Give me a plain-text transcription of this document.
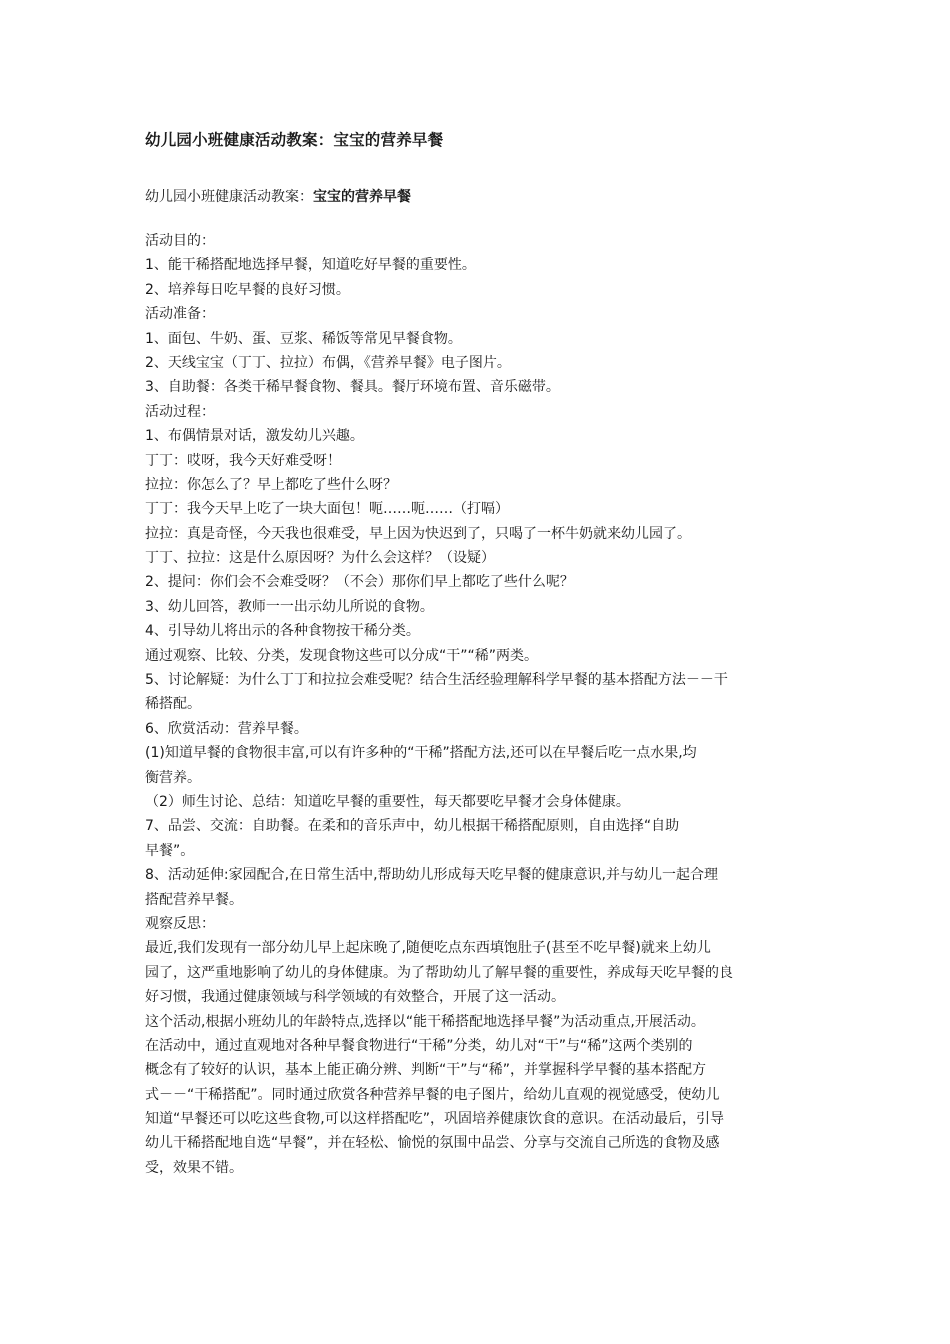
幼儿园小班健康活动教案：宝宝的营养早餐
幼儿园小班健康活动教案：宝宝的营养早餐
活动目的：
1、能干稀搭配地选择早餐，知道吃好早餐的重要性。
2、培养每日吃早餐的良好习惯。
活动准备：
1、面包、牛奶、蛋、豆浆、稀饭等常见早餐食物。
2、天线宝宝（丁丁、拉拉）布偶，《营养早餐》电子图片。
3、自助餐：各类干稀早餐食物、餐具。餐厅环境布置、音乐磁带。
活动过程：
1、布偶情景对话，激发幼儿兴趣。
丁丁：哎呀，我今天好难受呀！
拉拉：你怎么了？早上都吃了些什么呀？
丁丁：我今天早上吃了一块大面包！呃……呃……（打嗝）
拉拉：真是奇怪，今天我也很难受，早上因为快迟到了，只喝了一杯牛奶就来幼儿园了。
丁丁、拉拉：这是什么原因呀？为什么会这样？（设疑）
2、提问：你们会不会难受呀？（不会）那你们早上都吃了些什么呢？
3、幼儿回答，教师一一出示幼儿所说的食物。
4、引导幼儿将出示的各种食物按干稀分类。
通过观察、比较、分类，发现食物这些可以分成“干”“稀”两类。
5、讨论解疑：为什么丁丁和拉拉会难受呢？结合生活经验理解科学早餐的基本搭配方法－－干
稀搭配。
6、欣赏活动：营养早餐。
(1)知道早餐的食物很丰富,可以有许多种的“干稀”搭配方法,还可以在早餐后吃一点水果,均
衡营养。
（2）师生讨论、总结：知道吃早餐的重要性，每天都要吃早餐才会身体健康。
7、品尝、交流：自助餐。在柔和的音乐声中，幼儿根据干稀搭配原则，自由选择“自助
早餐”。
8、活动延伸:家园配合,在日常生活中,帮助幼儿形成每天吃早餐的健康意识,并与幼儿一起合理
搭配营养早餐。
观察反思：
最近,我们发现有一部分幼儿早上起床晚了,随便吃点东西填饱肚子(甚至不吃早餐)就来上幼儿
园了，这严重地影响了幼儿的身体健康。为了帮助幼儿了解早餐的重要性，养成每天吃早餐的良
好习惯，我通过健康领域与科学领域的有效整合，开展了这一活动。
这个活动,根据小班幼儿的年龄特点,选择以“能干稀搭配地选择早餐”为活动重点,开展活动。
在活动中，通过直观地对各种早餐食物进行“干稀”分类，幼儿对“干”与“稀”这两个类别的
概念有了较好的认识，基本上能正确分辨、判断“干”与“稀”，并掌握科学早餐的基本搭配方
式－－“干稀搭配”。同时通过欣赏各种营养早餐的电子图片，给幼儿直观的视觉感受，使幼儿
知道“早餐还可以吃这些食物,可以这样搭配吃”，巩固培养健康饮食的意识。在活动最后，引导
幼儿干稀搭配地自选“早餐”，并在轻松、愉悦的氛围中品尝、分享与交流自己所选的食物及感
受，效果不错。
